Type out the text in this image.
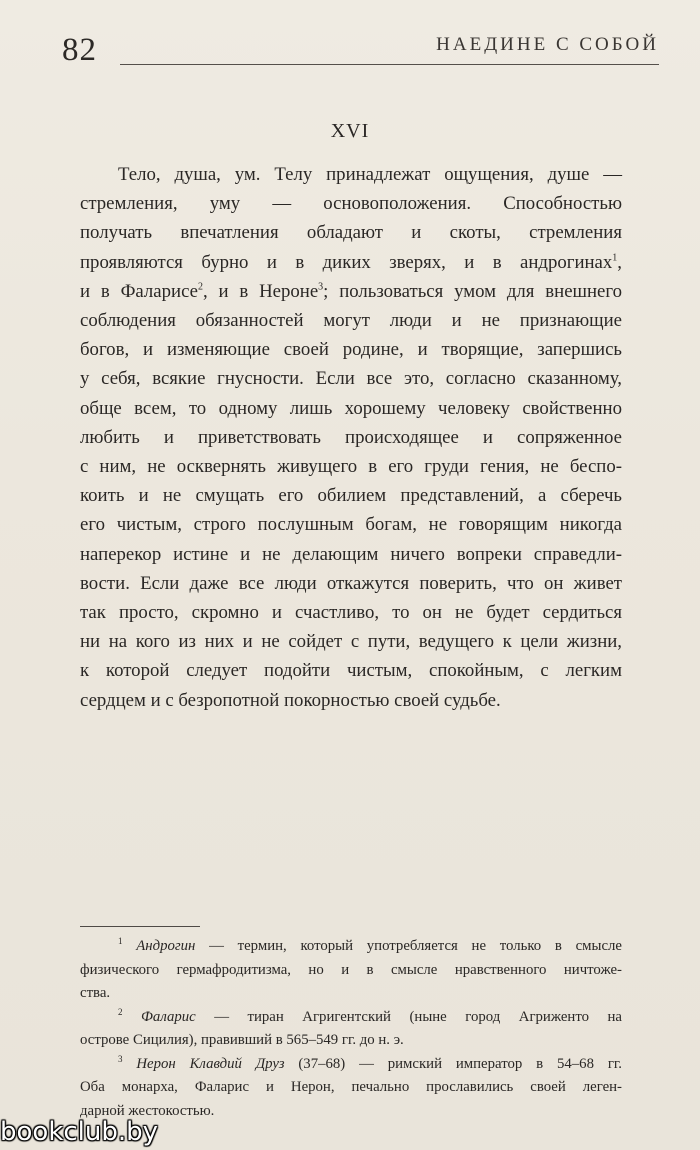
82	НАЕДИНЕ С СОБОЙ
XVI
Тело, душа, ум. Телу принадлежат ощущения, душе —
стремления, уму — основоположения. Способностью
получать впечатления обладают и скоты, стремления
проявляются бурно и в диких зверях, и в андрогинах$^1$,
и в Фаларисе$^2$, и в Нероне$^3$; пользоваться умом для внешнего
соблюдения обязанностей могут люди и не признающие
богов, и изменяющие своей родине, и творящие, запершись
у себя, всякие гнусности. Если все это, согласно сказанному,
обще всем, то одному лишь хорошему человеку свойственно
любить и приветствовать происходящее и сопряженное
с ним, не осквернять живущего в его груди гения, не беспо-
коить и не смущать его обилием представлений, а сберечь
его чистым, строго послушным богам, не говорящим никогда
наперекор истине и не делающим ничего вопреки справедли-
вости. Если даже все люди откажутся поверить, что он живет
так просто, скромно и счастливо, то он не будет сердиться
ни на кого из них и не сойдет с пути, ведущего к цели жизни,
к которой следует подойти чистым, спокойным, с легким
сердцем и с безропотной покорностью своей судьбе.
$^1$ Андрогин — термин, который употребляется не только в смысле
физического гермафродитизма, но и в смысле нравственного ничтоже-
ства.
$^2$ Фаларис — тиран Агригентский (ныне город Агриженто на
острове Сицилия), правивший в 565–549 гг. до н. э.
$^3$ Нерон Клавдий Друз (37–68) — римский император в 54–68 гг.
Оба монарха, Фаларис и Нерон, печально прославились своей леген-
дарной жестокостью.
bookclub.by
